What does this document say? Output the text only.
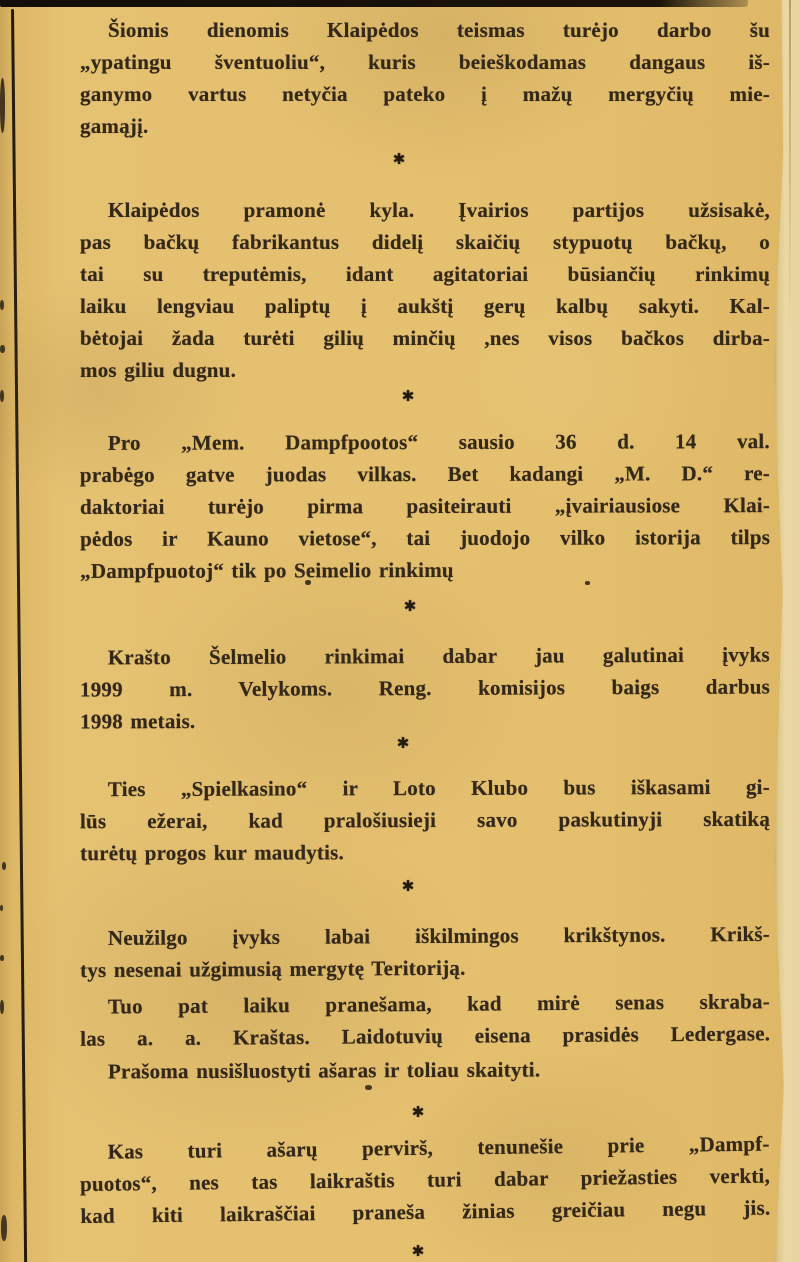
Šiomis dienomis Klaipėdos teismas turėjo darbo šu
„ypatingu šventuoliu“, kuris beieškodamas dangaus iš-
ganymo vartus netyčia pateko į mažų mergyčių mie-
gamąjį.
✱
Klaipėdos pramonė kyla. Įvairios partijos užsisakė,
pas bačkų fabrikantus didelį skaičių stypuotų bačkų, o
tai su treputėmis, idant agitatoriai būsiančių rinkimų
laiku lengviau paliptų į aukštį gerų kalbų sakyti. Kal-
bėtojai žada turėti gilių minčių ,nes visos bačkos dirba-
mos giliu dugnu.
✱
Pro „Mem. Dampfpootos“ sausio 36 d. 14 val.
prabėgo gatve juodas vilkas. Bet kadangi „M. D.“ re-
daktoriai turėjo pirma pasiteirauti „įvairiausiose Klai-
pėdos ir Kauno vietose“, tai juodojo vilko istorija tilps
„Dampfpuotoj“ tik po Seimelio rinkimų
✱
Krašto Šelmelio rinkimai dabar jau galutinai įvyks
1999 m. Velykoms. Reng. komisijos baigs darbus
1998 metais.
✱
Ties „Spielkasino“ ir Loto Klubo bus iškasami gi-
lūs ežerai, kad pralošiusieji savo paskutinyji skatiką
turėtų progos kur maudytis.
✱
Neužilgo įvyks labai iškilmingos krikštynos. Krikš-
tys nesenai užgimusią mergytę Teritoriją.
Tuo pat laiku pranešama, kad mirė senas skraba-
las a. a. Kraštas. Laidotuvių eisena prasidės Ledergase.
Prašoma nusišluostyti ašaras ir toliau skaityti.
✱
Kas turi ašarų pervirš, tenunešie prie „Dampf-
puotos“, nes tas laikraštis turi dabar priežasties verkti,
kad kiti laikraščiai praneša žinias greičiau negu jis.
✱
